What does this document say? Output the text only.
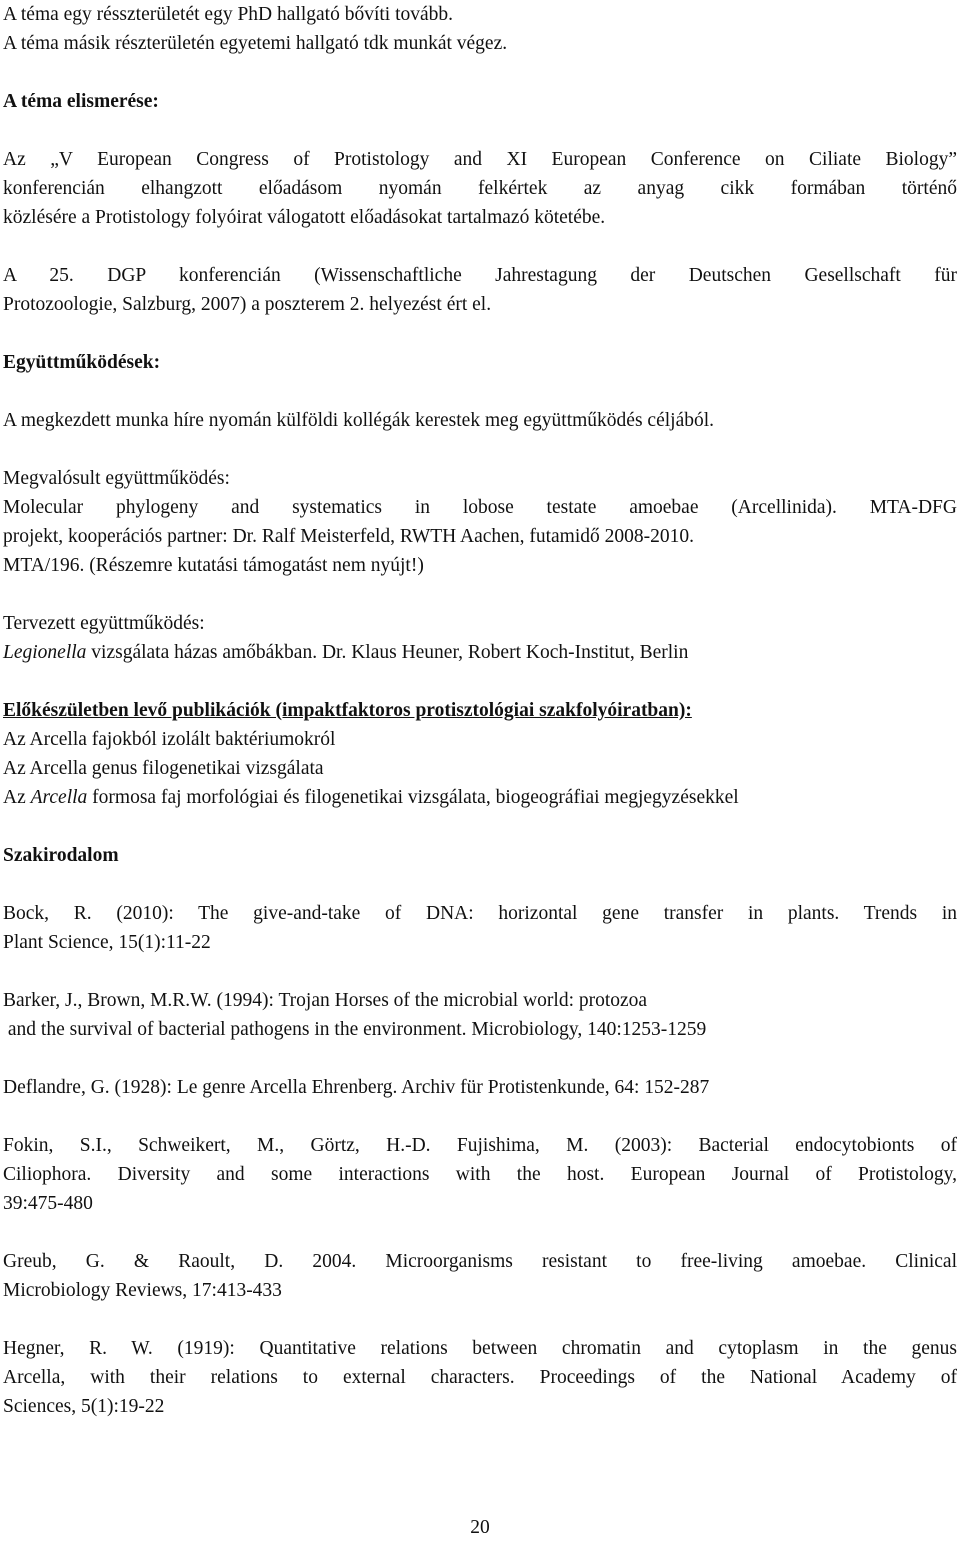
A téma egy résszterületét egy PhD hallgató bővíti tovább.
A téma másik részterületén egyetemi hallgató tdk munkát végez.
A téma elismerése:
Az „V European Congress of Protistology and XI European Conference on Ciliate Biology”
konferencián elhangzott előadásom nyomán felkértek az anyag cikk formában történő
közlésére a Protistology folyóirat válogatott előadásokat tartalmazó kötetébe.
A 25. DGP konferencián (Wissenschaftliche Jahrestagung der Deutschen Gesellschaft für
Protozoologie, Salzburg, 2007) a poszterem 2. helyezést ért el.
Együttműködések:
A megkezdett munka híre nyomán külföldi kollégák kerestek meg együttműködés céljából.
Megvalósult együttműködés:
Molecular phylogeny and systematics in lobose testate amoebae (Arcellinida). MTA-DFG
projekt, kooperációs partner: Dr. Ralf Meisterfeld, RWTH Aachen, futamidő 2008-2010.
MTA/196. (Részemre kutatási támogatást nem nyújt!)
Tervezett együttműködés:
Legionella vizsgálata házas amőbákban. Dr. Klaus Heuner, Robert Koch-Institut, Berlin
Előkészületben levő publikációk (impaktfaktoros protisztológiai szakfolyóiratban):
Az Arcella fajokból izolált baktériumokról
Az Arcella genus filogenetikai vizsgálata
Az Arcella formosa faj morfológiai és filogenetikai vizsgálata, biogeográfiai megjegyzésekkel
Szakirodalom
Bock, R. (2010): The give-and-take of DNA: horizontal gene transfer in plants. Trends in
Plant Science, 15(1):11-22
Barker, J., Brown, M.R.W. (1994): Trojan Horses of the microbial world: protozoa
and the survival of bacterial pathogens in the environment. Microbiology, 140:1253-1259
Deflandre, G. (1928): Le genre Arcella Ehrenberg. Archiv für Protistenkunde, 64: 152-287
Fokin, S.I., Schweikert, M., Görtz, H.-D. Fujishima, M. (2003): Bacterial endocytobionts of
Ciliophora. Diversity and some interactions with the host. European Journal of Protistology,
39:475-480
Greub, G. & Raoult, D. 2004. Microorganisms resistant to free-living amoebae. Clinical
Microbiology Reviews, 17:413-433
Hegner, R. W. (1919): Quantitative relations between chromatin and cytoplasm in the genus
Arcella, with their relations to external characters. Proceedings of the National Academy of
Sciences, 5(1):19-22
20
